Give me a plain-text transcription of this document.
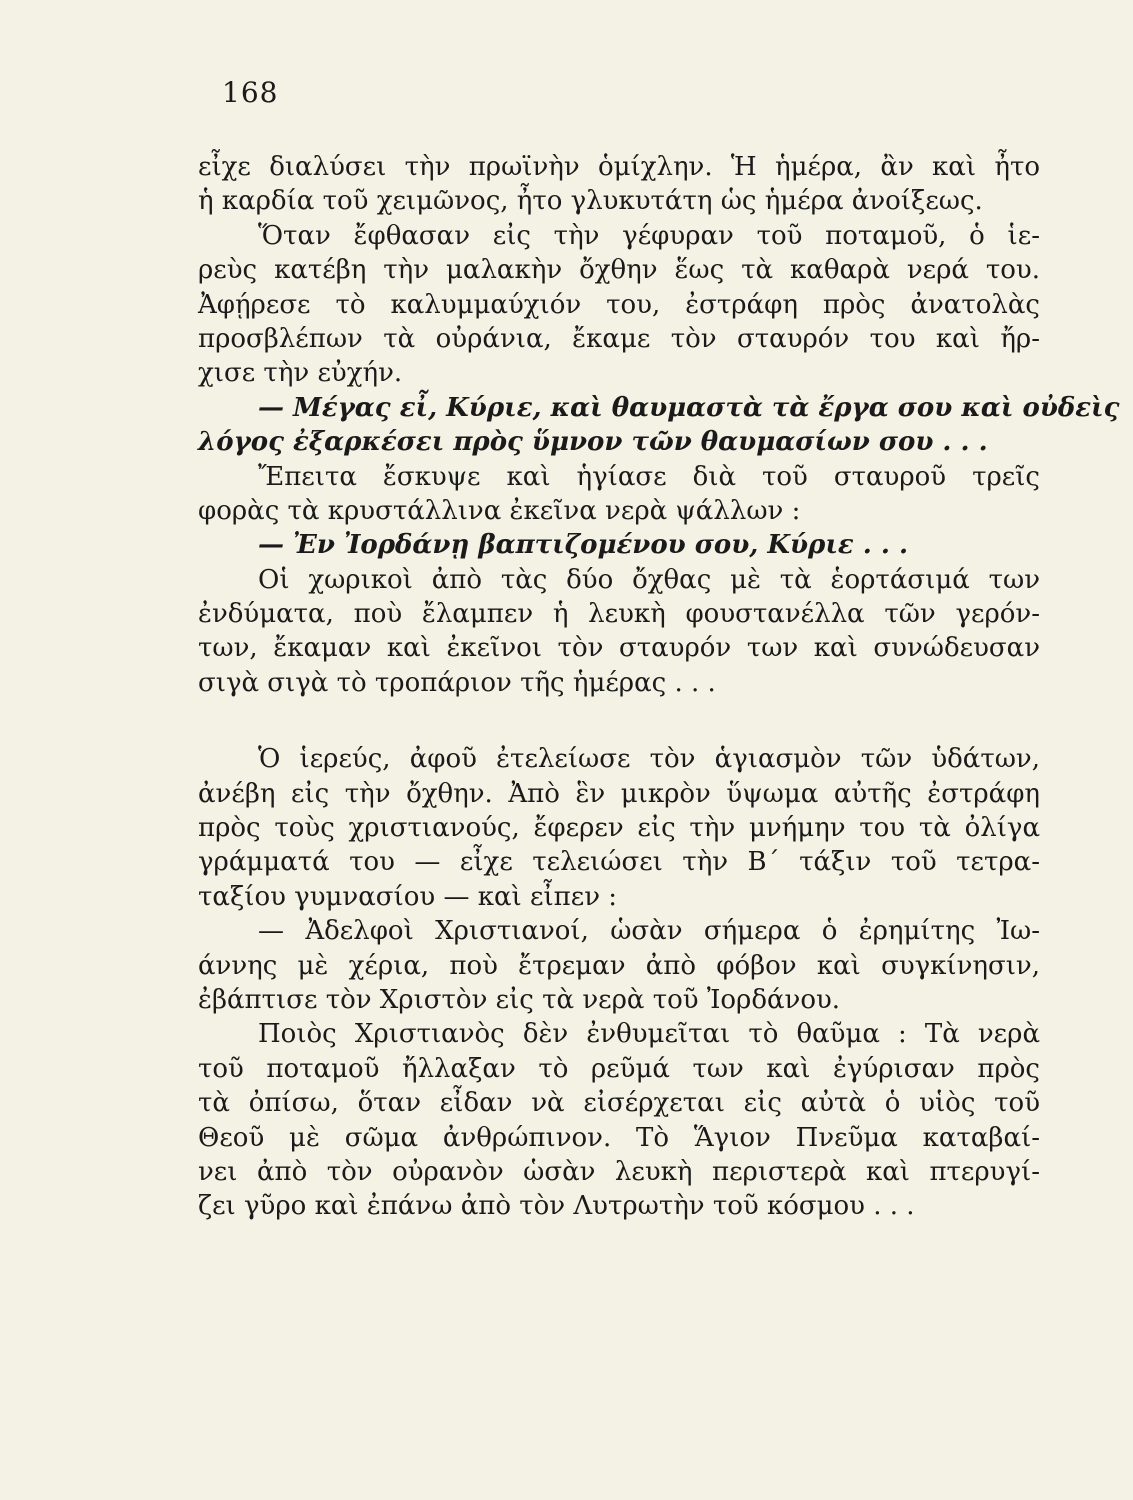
168
εἶχε διαλύσει τὴν πρωϊνὴν ὁμίχλην. Ἡ ἡμέρα, ἂν καὶ ἦτο
ἡ καρδία τοῦ χειμῶνος, ἦτο γλυκυτάτη ὡς ἡμέρα ἀνοίξεως.
Ὅταν ἔφθασαν εἰς τὴν γέφυραν τοῦ ποταμοῦ, ὁ ἱε-
ρεὺς κατέβη τὴν μαλακὴν ὄχθην ἕως τὰ καθαρὰ νερά του.
Ἀφῄρεσε τὸ καλυμμαύχιόν του, ἐστράφη πρὸς ἀνατολὰς
προσβλέπων τὰ οὐράνια, ἔκαμε τὸν σταυρόν του καὶ ἤρ-
χισε τὴν εὐχήν.
— Μέγας εἶ, Κύριε, καὶ θαυμαστὰ τὰ ἔργα σου καὶ οὐδεὶς
λόγος ἐξαρκέσει πρὸς ὕμνον τῶν θαυμασίων σου . . .
Ἔπειτα ἔσκυψε καὶ ἡγίασε διὰ τοῦ σταυροῦ τρεῖς
φορὰς τὰ κρυστάλλινα ἐκεῖνα νερὰ ψάλλων :
— Ἐν Ἰορδάνῃ βαπτιζομένου σου, Κύριε . . .
Οἱ χωρικοὶ ἀπὸ τὰς δύο ὄχθας μὲ τὰ ἑορτάσιμά των
ἐνδύματα, ποὺ ἔλαμπεν ἡ λευκὴ φουστανέλλα τῶν γερόν-
των, ἔκαμαν καὶ ἐκεῖνοι τὸν σταυρόν των καὶ συνώδευσαν
σιγὰ σιγὰ τὸ τροπάριον τῆς ἡμέρας . . .
Ὁ ἱερεύς, ἀφοῦ ἐτελείωσε τὸν ἁγιασμὸν τῶν ὑδάτων,
ἀνέβη εἰς τὴν ὄχθην. Ἀπὸ ἓν μικρὸν ὕψωμα αὐτῆς ἐστράφη
πρὸς τοὺς χριστιανούς, ἔφερεν εἰς τὴν μνήμην του τὰ ὀλίγα
γράμματά του — εἶχε τελειώσει τὴν Β΄ τάξιν τοῦ τετρα-
ταξίου γυμνασίου — καὶ εἶπεν :
— Ἀδελφοὶ Χριστιανοί, ὡσὰν σήμερα ὁ ἐρημίτης Ἰω-
άννης μὲ χέρια, ποὺ ἔτρεμαν ἀπὸ φόβον καὶ συγκίνησιν,
ἐβάπτισε τὸν Χριστὸν εἰς τὰ νερὰ τοῦ Ἰορδάνου.
Ποιὸς Χριστιανὸς δὲν ἐνθυμεῖται τὸ θαῦμα : Τὰ νερὰ
τοῦ ποταμοῦ ἤλλαξαν τὸ ρεῦμά των καὶ ἐγύρισαν πρὸς
τὰ ὀπίσω, ὅταν εἶδαν νὰ εἰσέρχεται εἰς αὐτὰ ὁ υἱὸς τοῦ
Θεοῦ μὲ σῶμα ἀνθρώπινον. Τὸ Ἅγιον Πνεῦμα καταβαί-
νει ἀπὸ τὸν οὐρανὸν ὡσὰν λευκὴ περιστερὰ καὶ πτερυγί-
ζει γῦρο καὶ ἐπάνω ἀπὸ τὸν Λυτρωτὴν τοῦ κόσμου . . .
